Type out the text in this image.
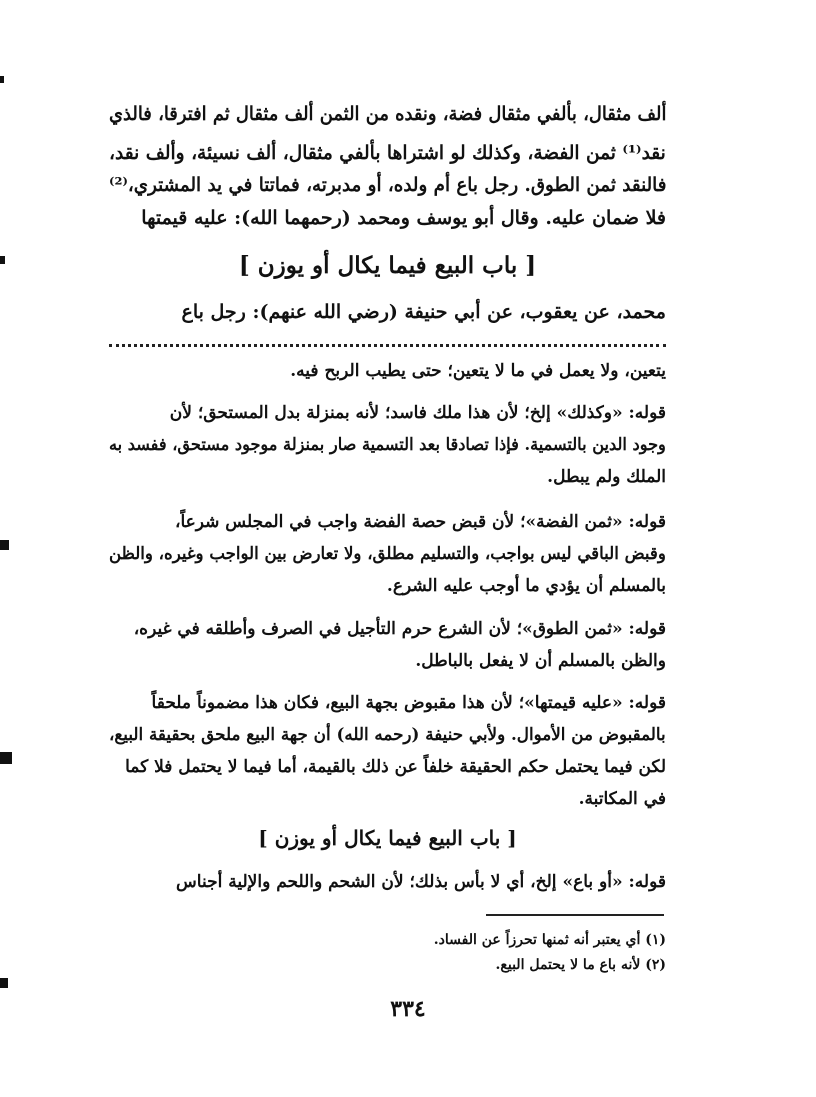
ألف مثقال، بألفي مثقال فضة، ونقده من الثمن ألف مثقال ثم افترقا، فالذي
نقد⁽¹⁾ ثمن الفضة، وكذلك لو اشتراها بألفي مثقال، ألف نسيئة، وألف نقد،
فالنقد ثمن الطوق. رجل باع أم ولده، أو مدبرته، فماتتا في يد المشتري،⁽²⁾
فلا ضمان عليه. وقال أبو يوسف ومحمد (رحمهما الله): عليه قيمتها
[ باب البيع فيما يكال أو يوزن ]
محمد، عن يعقوب، عن أبي حنيفة (رضي الله عنهم): رجل باع
يتعين، ولا يعمل في ما لا يتعين؛ حتى يطيب الربح فيه.
قوله: «وكذلك» إلخ؛ لأن هذا ملك فاسد؛ لأنه بمنزلة بدل المستحق؛ لأن
وجود الدين بالتسمية. فإذا تصادقا بعد التسمية صار بمنزلة موجود مستحق، ففسد به
الملك ولم يبطل.
قوله: «ثمن الفضة»؛ لأن قبض حصة الفضة واجب في المجلس شرعاً،
وقبض الباقي ليس بواجب، والتسليم مطلق، ولا تعارض بين الواجب وغيره، والظن
بالمسلم أن يؤدي ما أوجب عليه الشرع.
قوله: «ثمن الطوق»؛ لأن الشرع حرم التأجيل في الصرف وأطلقه في غيره،
والظن بالمسلم أن لا يفعل بالباطل.
قوله: «عليه قيمتها»؛ لأن هذا مقبوض بجهة البيع، فكان هذا مضموناً ملحقاً
بالمقبوض من الأموال. ولأبي حنيفة (رحمه الله) أن جهة البيع ملحق بحقيقة البيع،
لكن فيما يحتمل حكم الحقيقة خلفاً عن ذلك بالقيمة، أما فيما لا يحتمل فلا كما
في المكاتبة.
[ باب البيع فيما يكال أو يوزن ]
قوله: «أو باع» إلخ، أي لا بأس بذلك؛ لأن الشحم واللحم والإلية أجناس
(١) أي يعتبر أنه ثمنها تحرزاً عن الفساد.
(٢) لأنه باع ما لا يحتمل البيع.
٣٣٤
